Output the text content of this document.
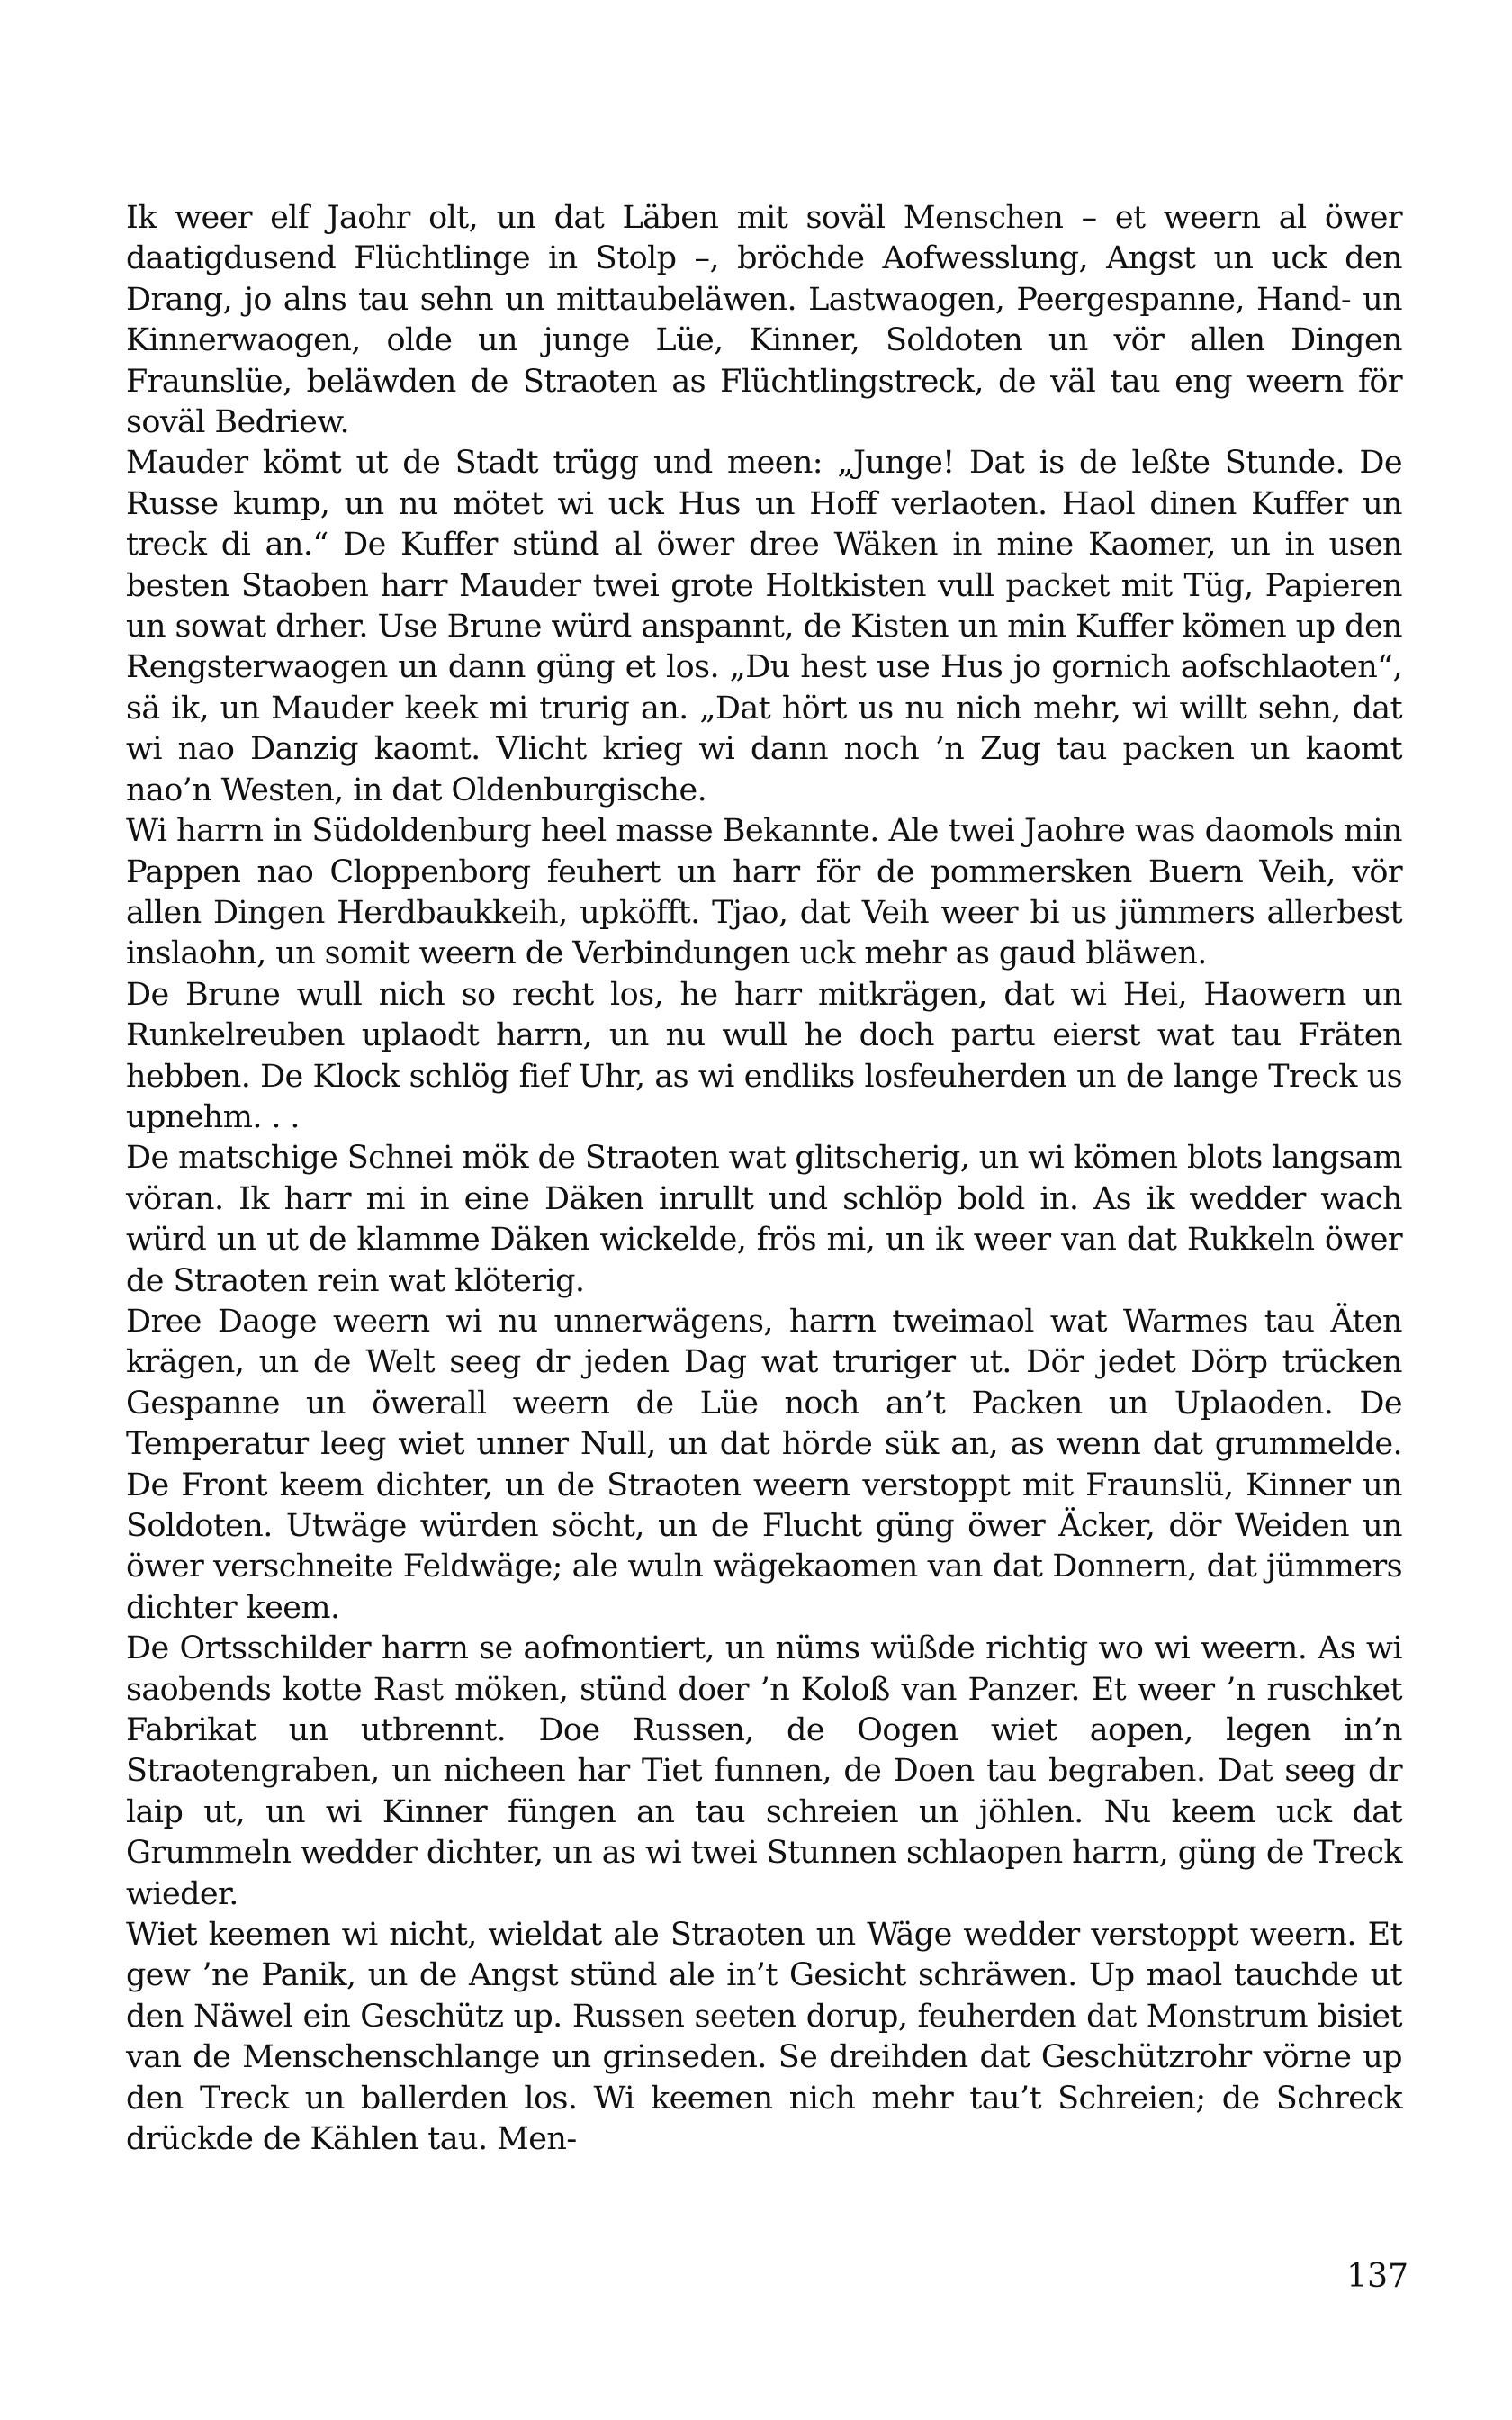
Ik weer elf Jaohr olt, un dat Läben mit soväl Menschen – et weern al öwer daatigdusend Flüchtlinge in Stolp –, bröchde Aofwesslung, Angst un uck den Drang, jo alns tau sehn un mittaubeläwen. Lastwaogen, Peergespanne, Hand- un Kinnerwaogen, olde un junge Lüe, Kinner, Soldoten un vör allen Dingen Fraunslüe, beläwden de Straoten as Flüchtlingstreck, de väl tau eng weern för soväl Bedriew.

Mauder kömt ut de Stadt trügg und meen: „Junge! Dat is de leßte Stunde. De Russe kump, un nu mötet wi uck Hus un Hoff verlaoten. Haol dinen Kuffer un treck di an.“ De Kuffer stünd al öwer dree Wäken in mine Kaomer, un in usen besten Staoben harr Mauder twei grote Holtkisten vull packet mit Tüg, Papieren un sowat drher. Use Brune würd anspannt, de Kisten un min Kuffer kömen up den Rengsterwaogen un dann güng et los. „Du hest use Hus jo gornich aofschlaoten“, sä ik, un Mauder keek mi trurig an. „Dat hört us nu nich mehr, wi willt sehn, dat wi nao Danzig kaomt. Vlicht krieg wi dann noch ’n Zug tau packen un kaomt nao’n Westen, in dat Oldenburgische.

Wi harrn in Südoldenburg heel masse Bekannte. Ale twei Jaohre was daomols min Pappen nao Cloppenborg feuhert un harr för de pommersken Buern Veih, vör allen Dingen Herdbaukkeih, upköfft. Tjao, dat Veih weer bi us jümmers allerbest inslaohn, un somit weern de Verbindungen uck mehr as gaud bläwen.

De Brune wull nich so recht los, he harr mitkrägen, dat wi Hei, Haowern un Runkelreuben uplaodt harrn, un nu wull he doch partu eierst wat tau Fräten hebben. De Klock schlög fief Uhr, as wi endliks losfeuherden un de lange Treck us upnehm. . .

De matschige Schnei mök de Straoten wat glitscherig, un wi kömen blots langsam vöran. Ik harr mi in eine Däken inrullt und schlöp bold in. As ik wedder wach würd un ut de klamme Däken wickelde, frös mi, un ik weer van dat Rukkeln öwer de Straoten rein wat klöterig.

Dree Daoge weern wi nu unnerwägens, harrn tweimaol wat Warmes tau Äten krägen, un de Welt seeg dr jeden Dag wat truriger ut. Dör jedet Dörp trücken Gespanne un öwerall weern de Lüe noch an’t Packen un Uplaoden. De Temperatur leeg wiet unner Null, un dat hörde sük an, as wenn dat grummelde. De Front keem dichter, un de Straoten weern verstoppt mit Fraunslü, Kinner un Soldoten. Utwäge würden söcht, un de Flucht güng öwer Äcker, dör Weiden un öwer verschneite Feldwäge; ale wuln wägekaomen van dat Donnern, dat jümmers dichter keem.

De Ortsschilder harrn se aofmontiert, un nüms wüßde richtig wo wi weern. As wi saobends kotte Rast möken, stünd doer ’n Koloß van Panzer. Et weer ’n ruschket Fabrikat un utbrennt. Doe Russen, de Oogen wiet aopen, legen in’n Straotengraben, un nicheen har Tiet funnen, de Doen tau begraben. Dat seeg dr laip ut, un wi Kinner füngen an tau schreien un jöhlen. Nu keem uck dat Grummeln wedder dichter, un as wi twei Stunnen schlaopen harrn, güng de Treck wieder.

Wiet keemen wi nicht, wieldat ale Straoten un Wäge wedder verstoppt weern. Et gew ’ne Panik, un de Angst stünd ale in’t Gesicht schräwen. Up maol tauchde ut den Näwel ein Geschütz up. Russen seeten dorup, feuherden dat Monstrum bisiet van de Menschenschlange un grinseden. Se dreihden dat Geschützrohr vörne up den Treck un ballerden los. Wi keemen nich mehr tau’t Schreien; de Schreck drückde de Kählen tau. Men-

137
